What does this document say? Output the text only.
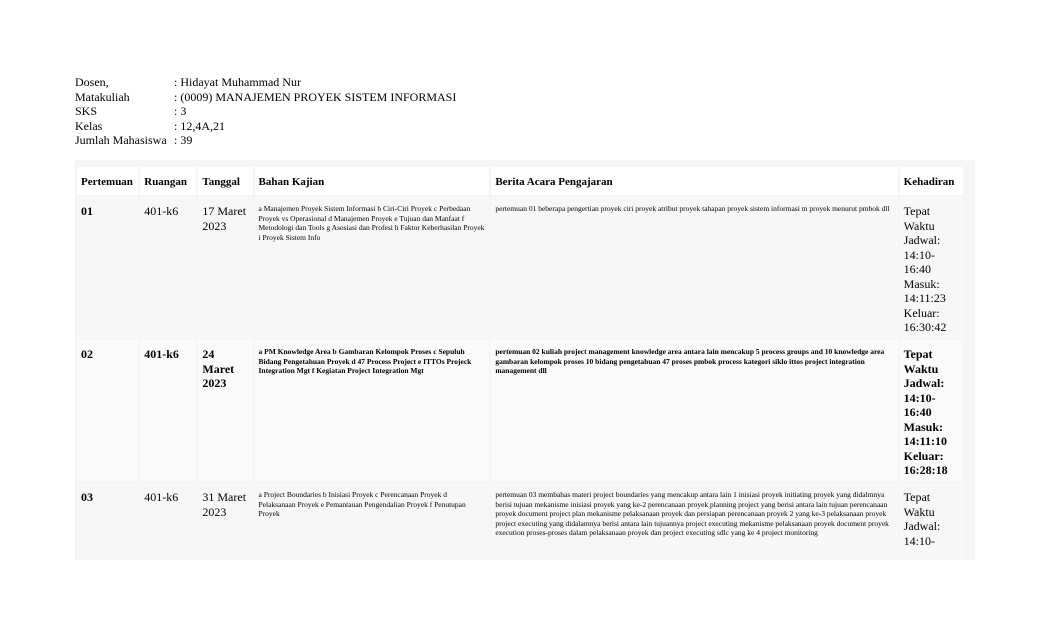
Dosen,	: Hidayat Muhammad Nur
Matakuliah	: (0009) MANAJEMEN PROYEK SISTEM INFORMASI
SKS	: 3
Kelas	: 12,4A,21
Jumlah Mahasiswa : 39
Pertemuan	Ruangan	Tanggal	Bahan Kajian	Berita Acara Pengajaran	Kehadiran
01	401-k6	17 Maret 2023	a Manajemen Proyek Sistem Informasi b Ciri-Ciri Proyek c Perbedaan Proyek vs Operasional d Manajemen Proyek e Tujuan dan Manfaat f Metodologi dan Tools g Asosiasi dan Profesi h Faktor Keberhasilan Proyek i Proyek Sistem Info	pertemuan 01 beberapa pengertian proyek ciri proyek atribut proyek tahapan proyek sistem informasi m proyek menurut pmbok dll	Tepat Waktu Jadwal: 14:10-16:40 Masuk: 14:11:23 Keluar: 16:30:42
02	401-k6	24 Maret 2023	a PM Knowledge Area b Gambaran Kelompok Proses c Sepuluh Bidang Pengetahuan Proyek d 47 Process Project e ITTOs Projeck Integration Mgt f Kegiatan Project Integration Mgt	pertemuan 02 kuliah project management knowledge area antara lain mencakup 5 process groups and 10 knowledge area gambaran kelompok proses 10 bidang pengetahuan 47 proses pmbok process kategori siklo ittos project integration management dll	Tepat Waktu Jadwal: 14:10-16:40 Masuk: 14:11:10 Keluar: 16:28:18
03	401-k6	31 Maret 2023	a Project Boundaries b Inisiasi Proyek c Perencanaan Proyek d Pelaksanaan Proyek e Pemantauan Pengendalian Proyek f Penutupan Proyek	pertemuan 03 membahas materi project boundaries yang mencakup antara lain 1 inisiasi proyek initiating proyek yang didalmnya berisi tujuan mekanisme inisiasi proyek yang ke-2 perencanaan proyek planning project yang berisi antara lain tujuan perencanaan proyek document project plan mekanisme pelaksanaan proyek dan persiapan perencanaan proyek 2 yang ke-3 pelaksanaan proyek project executing yang didalamnya berisi antara lain tujuannya project executing mekanisme pelaksanaan proyek document proyek execution proses-proses dalam pelaksanaan proyek dan project executing sdlc yang ke 4 project monitoring	Tepat Waktu Jadwal: 14:10-
